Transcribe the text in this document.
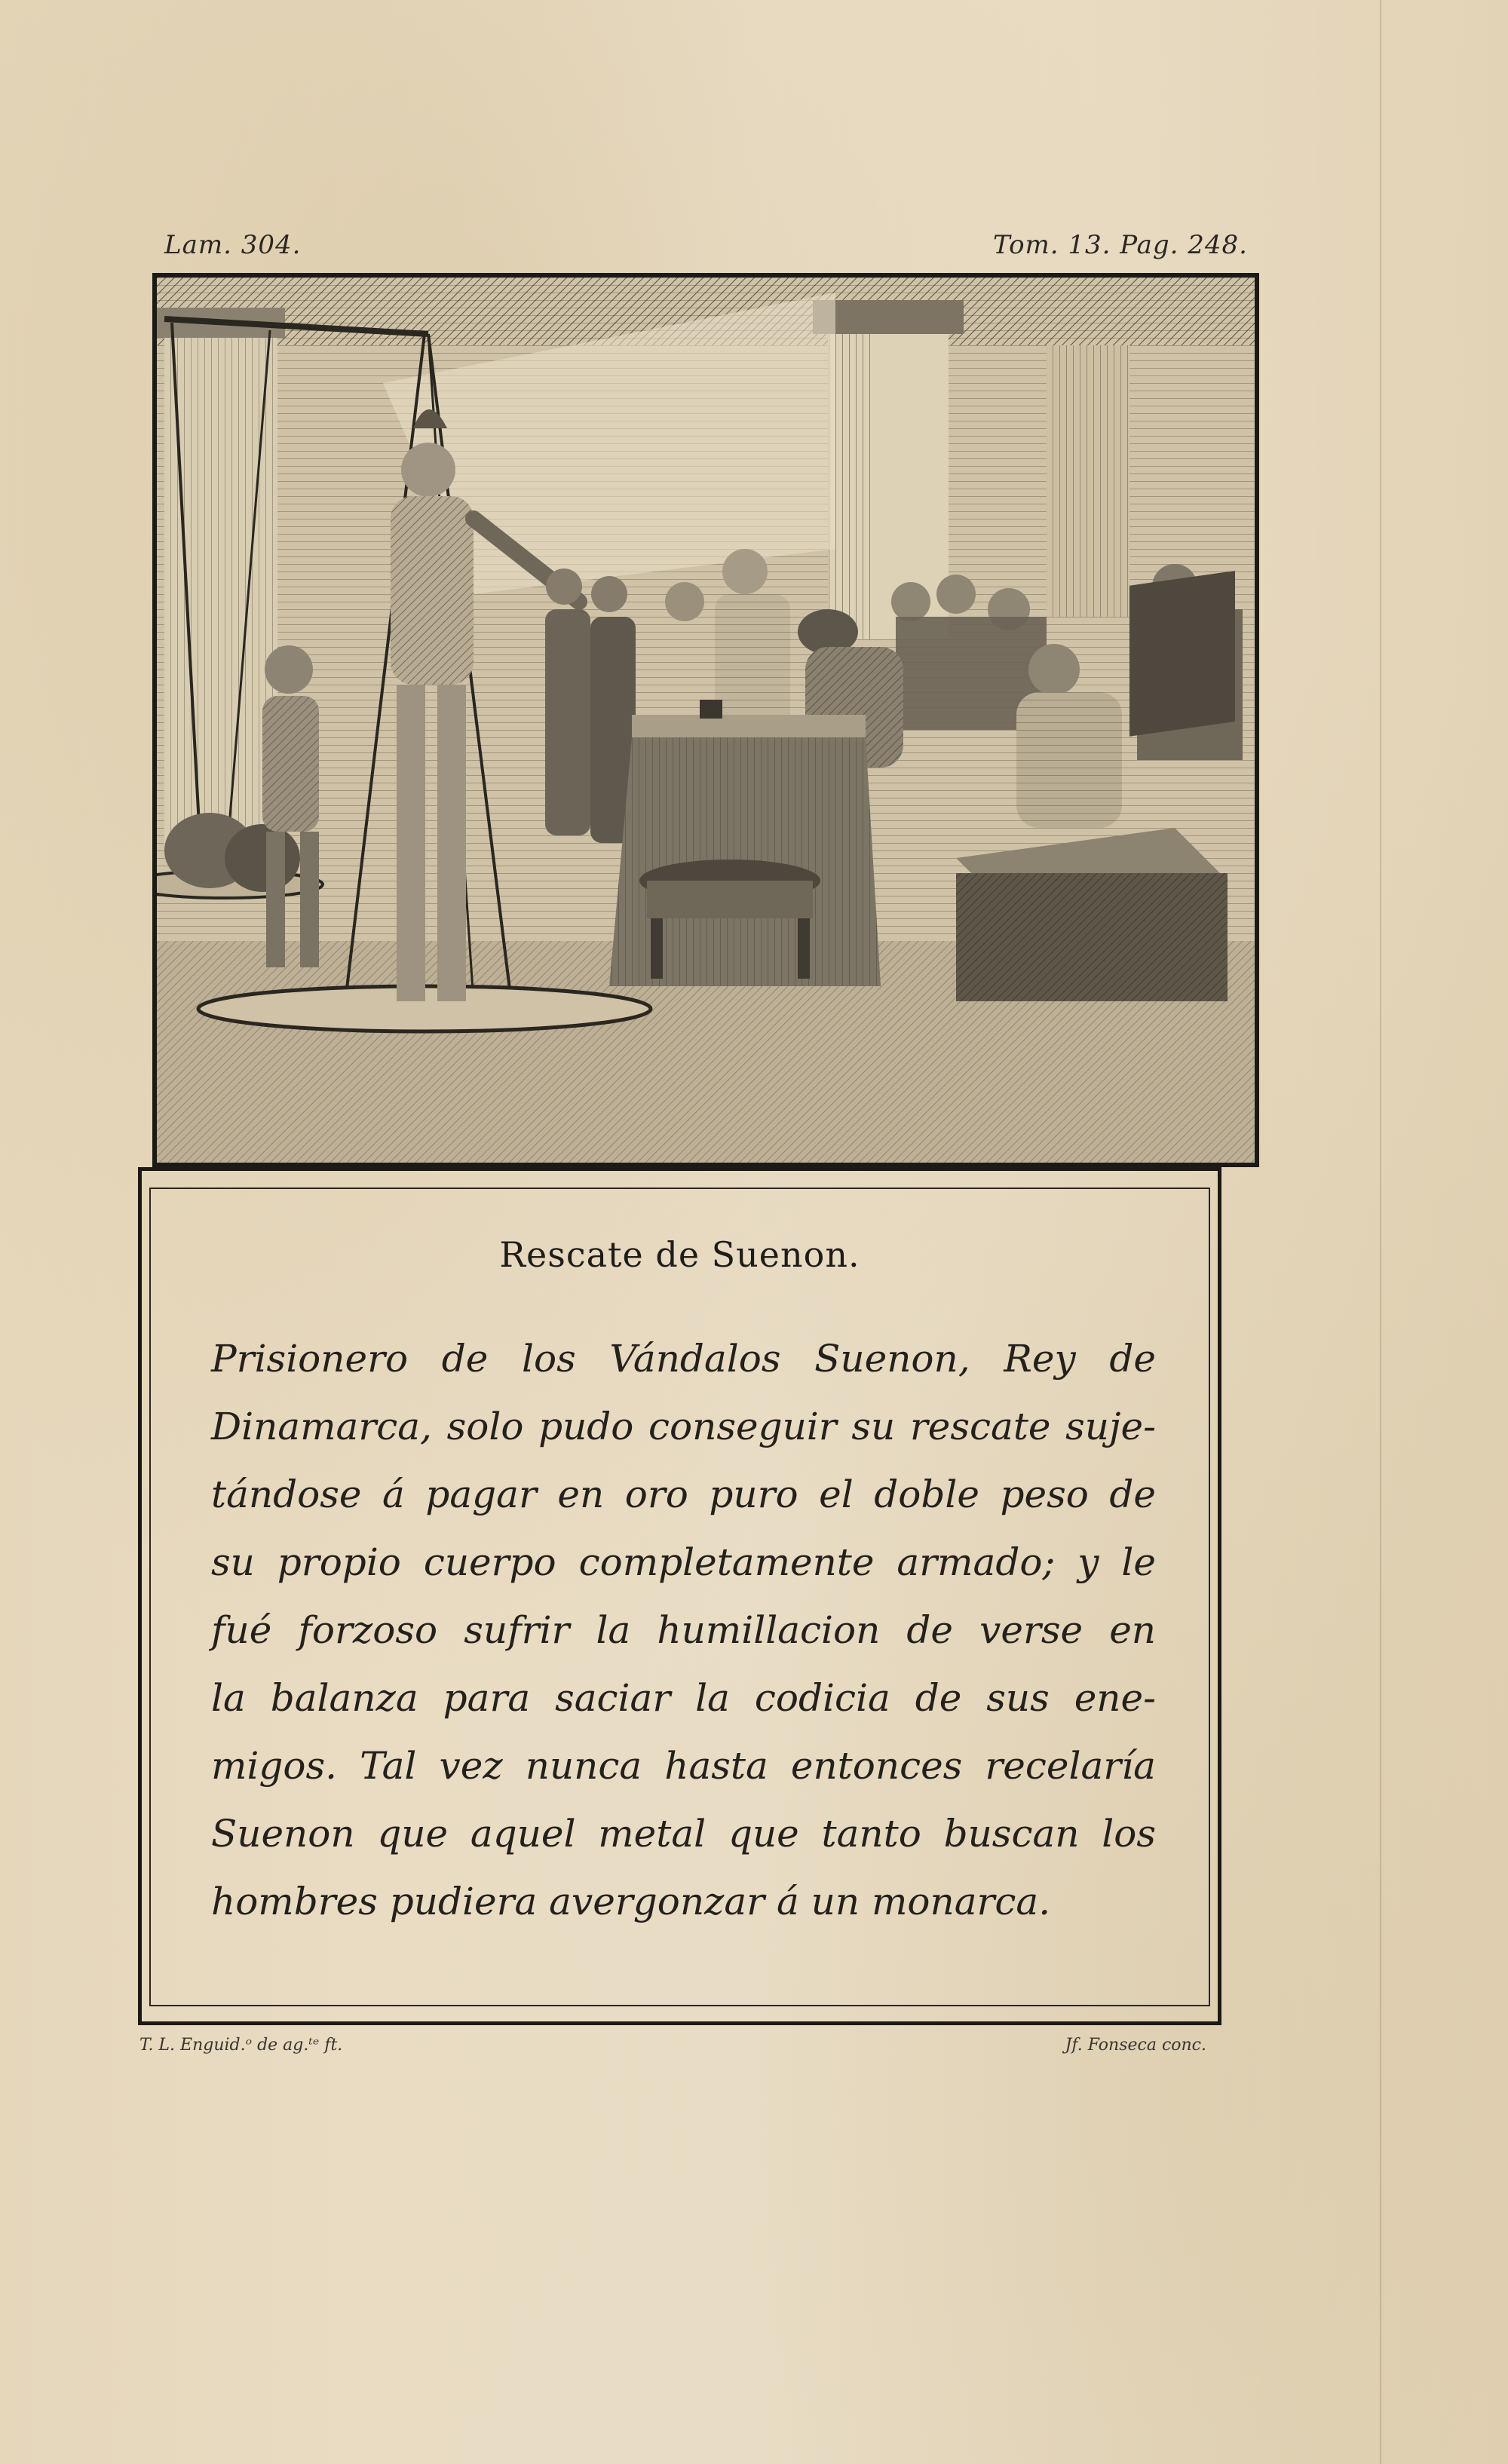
Lam. 304.	Tom. 13. Pag. 248.
Rescate de Suenon.
Prisionero de los Vándalos Suenon, Rey de
Dinamarca, solo pudo conseguir su rescate suje-
tándose á pagar en oro puro el doble peso de
su propio cuerpo completamente armado; y le
fué forzoso sufrir la humillacion de verse en
la balanza para saciar la codicia de sus ene-
migos. Tal vez nunca hasta entonces recelaría
Suenon que aquel metal que tanto buscan los
hombres pudiera avergonzar á un monarca.
T. L. Enguid.ᵒ de ag.ᵗᵉ ft.	Jf. Fonseca conc.
